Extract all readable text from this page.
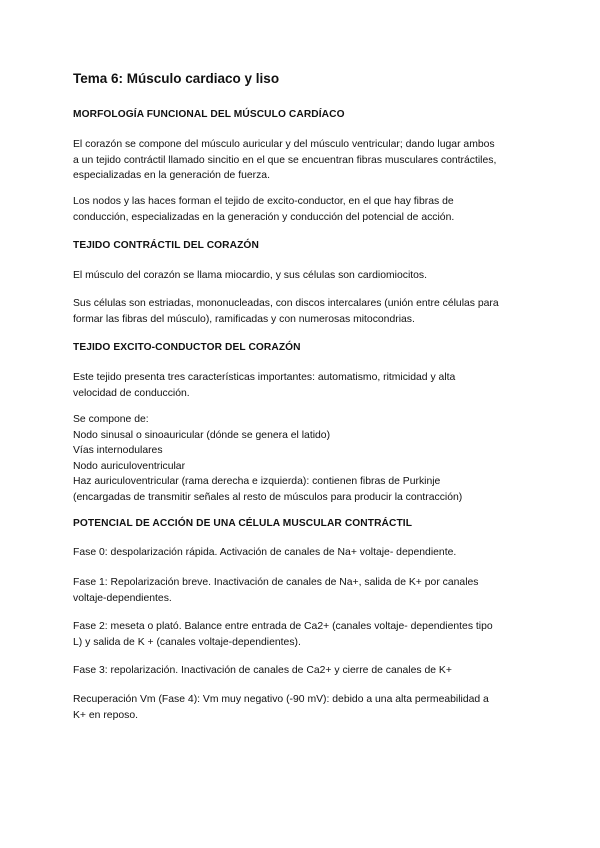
Tema 6: Músculo cardiaco y liso
MORFOLOGÍA FUNCIONAL DEL MÚSCULO CARDÍACO

El corazón se compone del músculo auricular y del músculo ventricular; dando lugar ambos
a un tejido contráctil llamado sincitio en el que se encuentran fibras musculares contráctiles,
especializadas en la generación de fuerza.

Los nodos y las haces forman el tejido de excito-conductor, en el que hay fibras de
conducción, especializadas en la generación y conducción del potencial de acción.

TEJIDO CONTRÁCTIL DEL CORAZÓN

El músculo del corazón se llama miocardio, y sus células son cardiomiocitos.

Sus células son estriadas, mononucleadas, con discos intercalares (unión entre células para
formar las fibras del músculo), ramificadas y con numerosas mitocondrias.

TEJIDO EXCITO-CONDUCTOR DEL CORAZÓN

Este tejido presenta tres características importantes: automatismo, ritmicidad y alta
velocidad de conducción.

Se compone de:
Nodo sinusal o sinoauricular (dónde se genera el latido)
Vías internodulares
Nodo auriculoventricular
Haz auriculoventricular (rama derecha e izquierda): contienen fibras de Purkinje
(encargadas de transmitir señales al resto de músculos para producir la contracción)

POTENCIAL DE ACCIÓN DE UNA CÉLULA MUSCULAR CONTRÁCTIL

Fase 0: despolarización rápida. Activación de canales de Na+ voltaje- dependiente.

Fase 1: Repolarización breve. Inactivación de canales de Na+, salida de K+ por canales
voltaje-dependientes.

Fase 2: meseta o plató. Balance entre entrada de Ca2+ (canales voltaje- dependientes tipo
L) y salida de K + (canales voltaje-dependientes).

Fase 3: repolarización. Inactivación de canales de Ca2+ y cierre de canales de K+

Recuperación Vm (Fase 4): Vm muy negativo (-90 mV): debido a una alta permeabilidad a
K+ en reposo.
